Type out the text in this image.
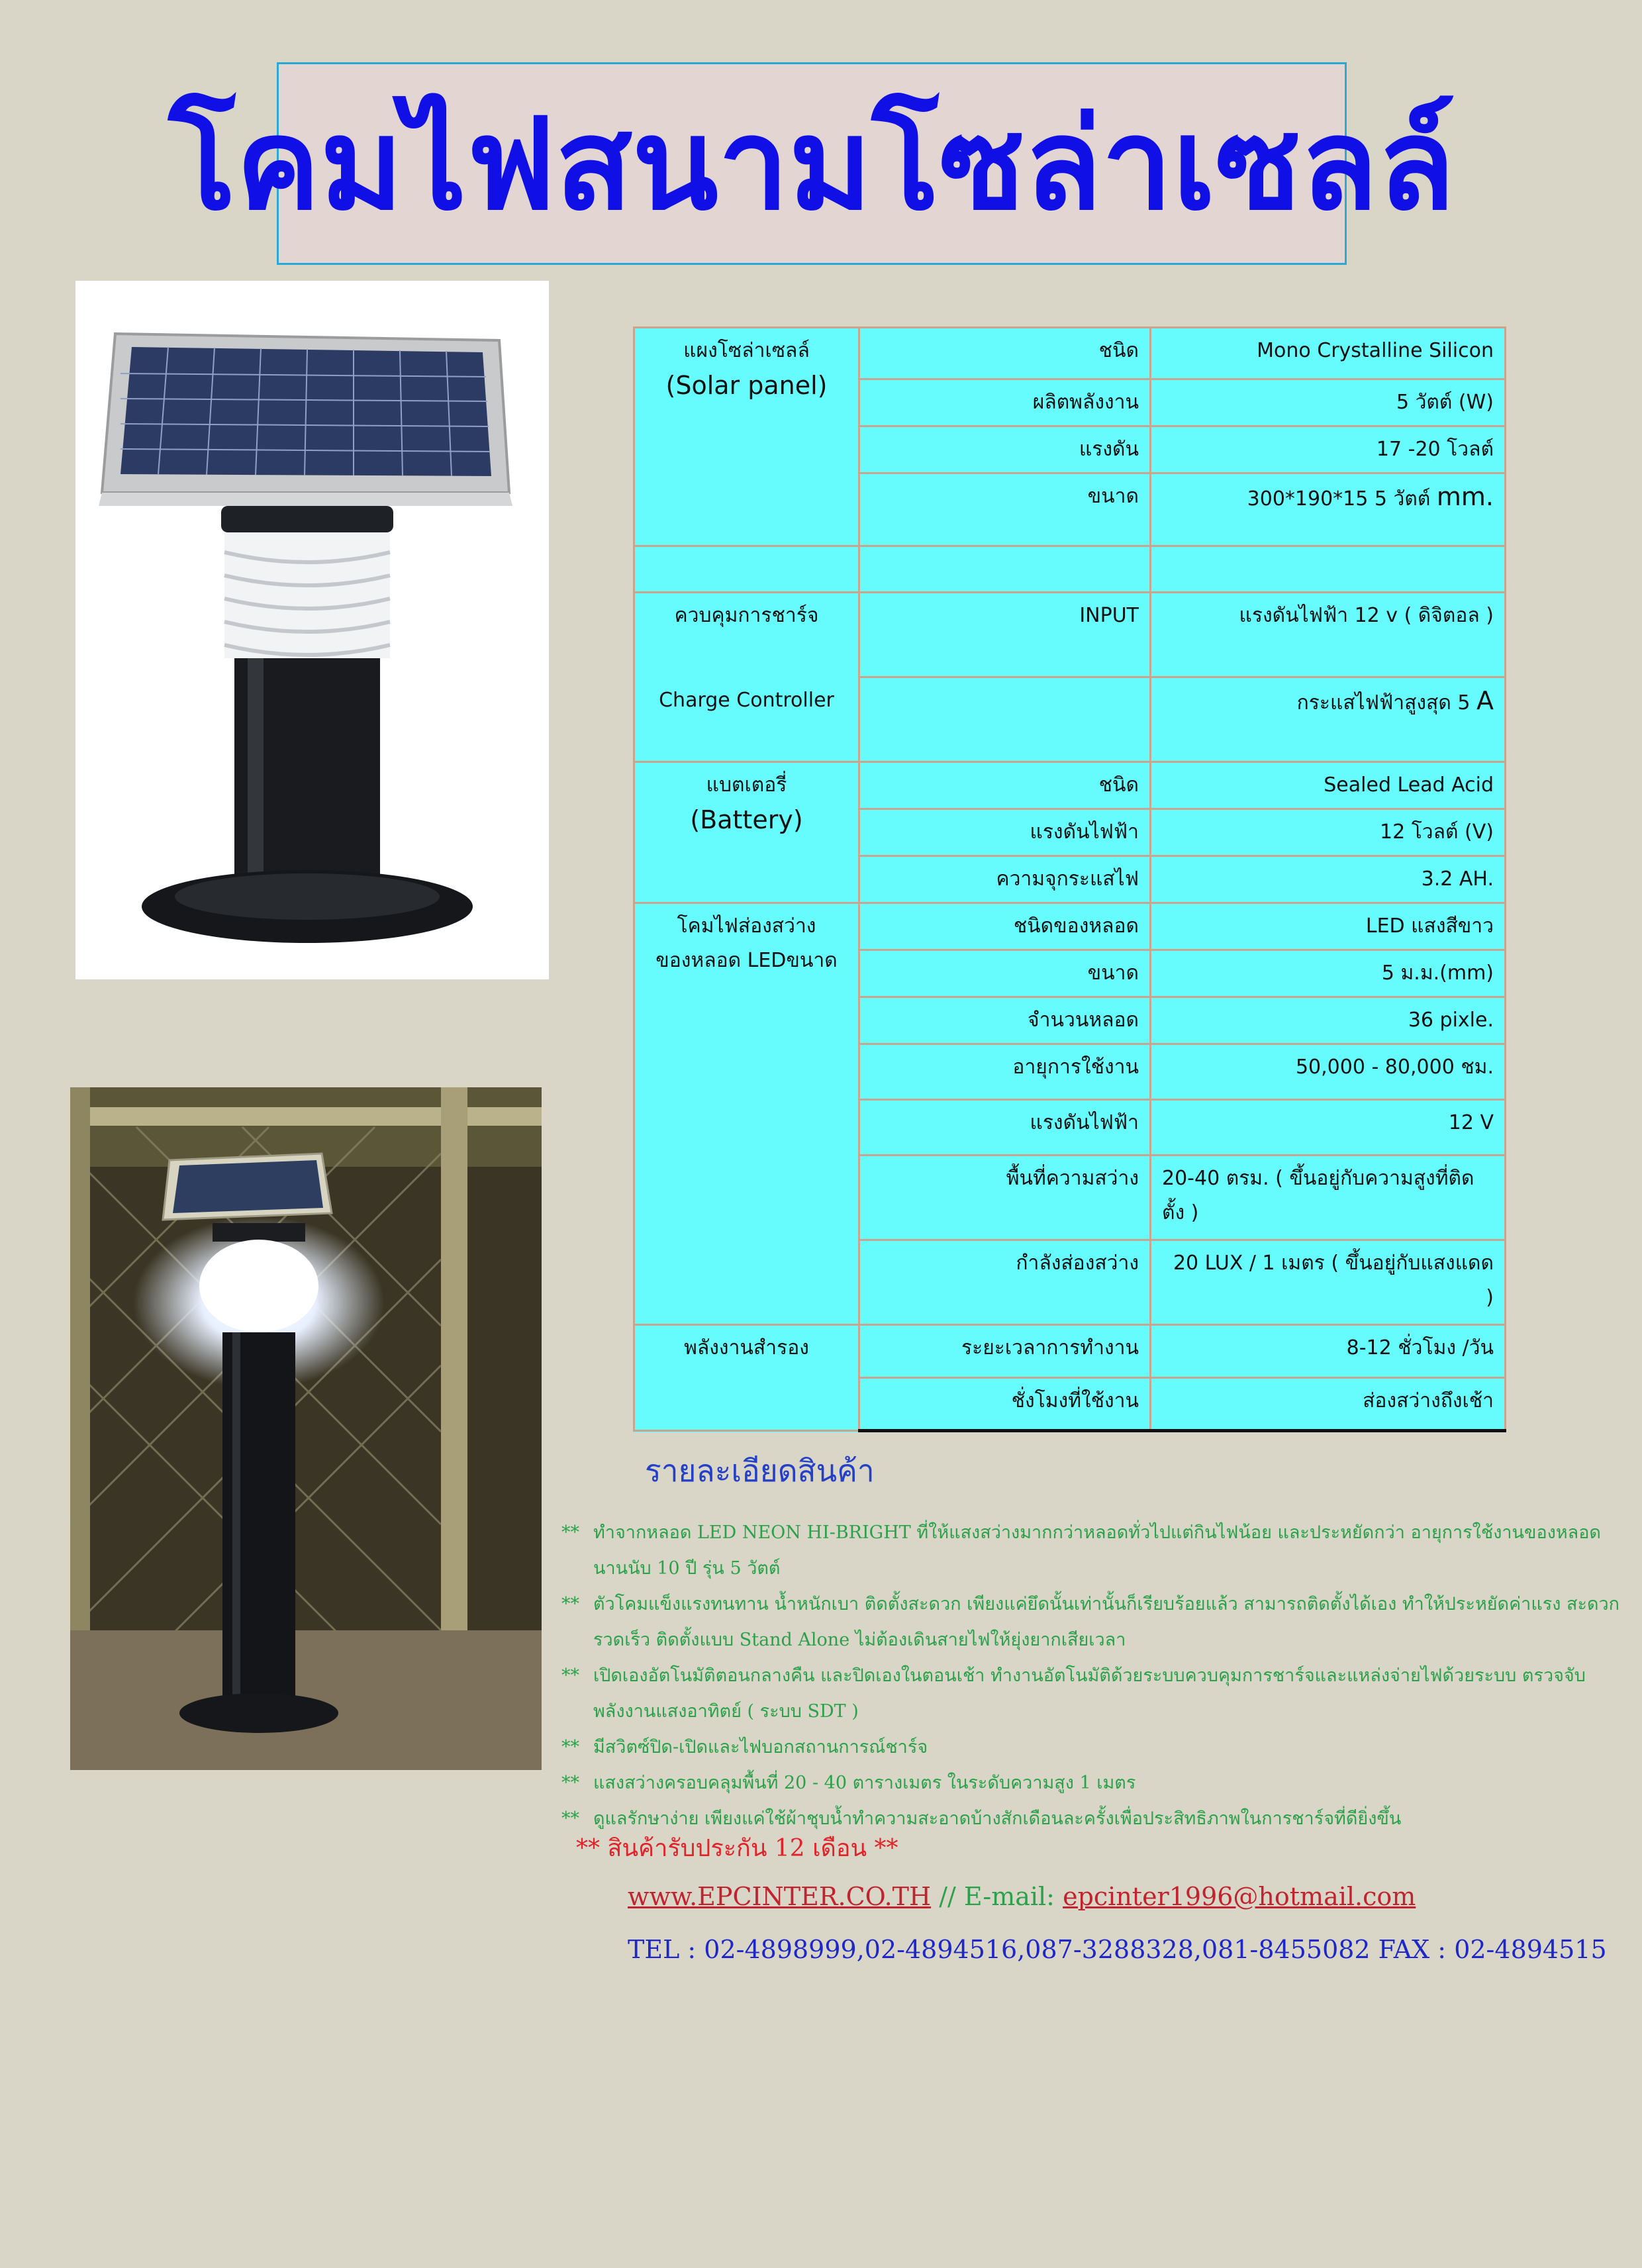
โคมไฟสนามโซล่าเซลล์
แผงโซล่าเซลล์
(Solar panel)	ชนิด	Mono Crystalline Silicon
	ผลิตพลังงาน	5 วัตต์ (W)
	แรงดัน	17 -20 โวลต์
	ขนาด	300*190*15 5 วัตต์ mm.

ควบคุมการชาร์จ	INPUT	แรงดันไฟฟ้า 12 v ( ดิจิตอล )
Charge Controller		กระแสไฟฟ้าสูงสุด 5 A

แบตเตอรี่
(Battery)	ชนิด	Sealed Lead Acid
	แรงดันไฟฟ้า	12 โวลต์ (V)
	ความจุกระแสไฟ	3.2 AH.

โคมไฟส่องสว่าง
ของหลอด LEDขนาด	ชนิดของหลอด	LED แสงสีขาว
	ขนาด	5 ม.ม.(mm)
	จำนวนหลอด	36 pixle.
	อายุการใช้งาน	50,000 - 80,000 ชม.
	แรงดันไฟฟ้า	12 V
	พื้นที่ความสว่าง	20-40 ตรม. ( ขึ้นอยู่กับความสูงที่ติดตั้ง )
	กำลังส่องสว่าง	20 LUX / 1 เมตร ( ขึ้นอยู่กับแสงแดด )

พลังงานสำรอง	ระยะเวลาการทำงาน	8-12 ชั่วโมง /วัน
	ชั่งโมงที่ใช้งาน	ส่องสว่างถึงเช้า
รายละเอียดสินค้า
** ทำจากหลอด LED NEON HI-BRIGHT ที่ให้แสงสว่างมากกว่าหลอดทั่วไปแต่กินไฟน้อย และประหยัดกว่า อายุการใช้งานของหลอด นานนับ 10 ปี รุ่น 5 วัตต์
** ตัวโคมแข็งแรงทนทาน น้ำหนักเบา ติดตั้งสะดวก เพียงแค่ยึดนั้นเท่านั้นก็เรียบร้อยแล้ว สามารถติดตั้งได้เอง ทำให้ประหยัดค่าแรง สะดวก รวดเร็ว ติดตั้งแบบ Stand Alone ไม่ต้องเดินสายไฟให้ยุ่งยากเสียเวลา
** เปิดเองอัตโนมัติตอนกลางคืน และปิดเองในตอนเช้า ทำงานอัตโนมัติด้วยระบบควบคุมการชาร์จและแหล่งจ่ายไฟด้วยระบบ ตรวจจับพลังงานแสงอาทิตย์ ( ระบบ SDT )
** มีสวิตซ์ปิด-เปิดและไฟบอกสถานการณ์ชาร์จ
** แสงสว่างครอบคลุมพื้นที่ 20 - 40 ตารางเมตร ในระดับความสูง 1 เมตร
** ดูแลรักษาง่าย เพียงแค่ใช้ผ้าชุบน้ำทำความสะอาดบ้างสักเดือนละครั้งเพื่อประสิทธิภาพในการชาร์จที่ดียิ่งขึ้น
** สินค้ารับประกัน 12 เดือน **
www.EPCINTER.CO.TH // E-mail: epcinter1996@hotmail.com
TEL : 02-4898999,02-4894516,087-3288328,081-8455082 FAX : 02-4894515
